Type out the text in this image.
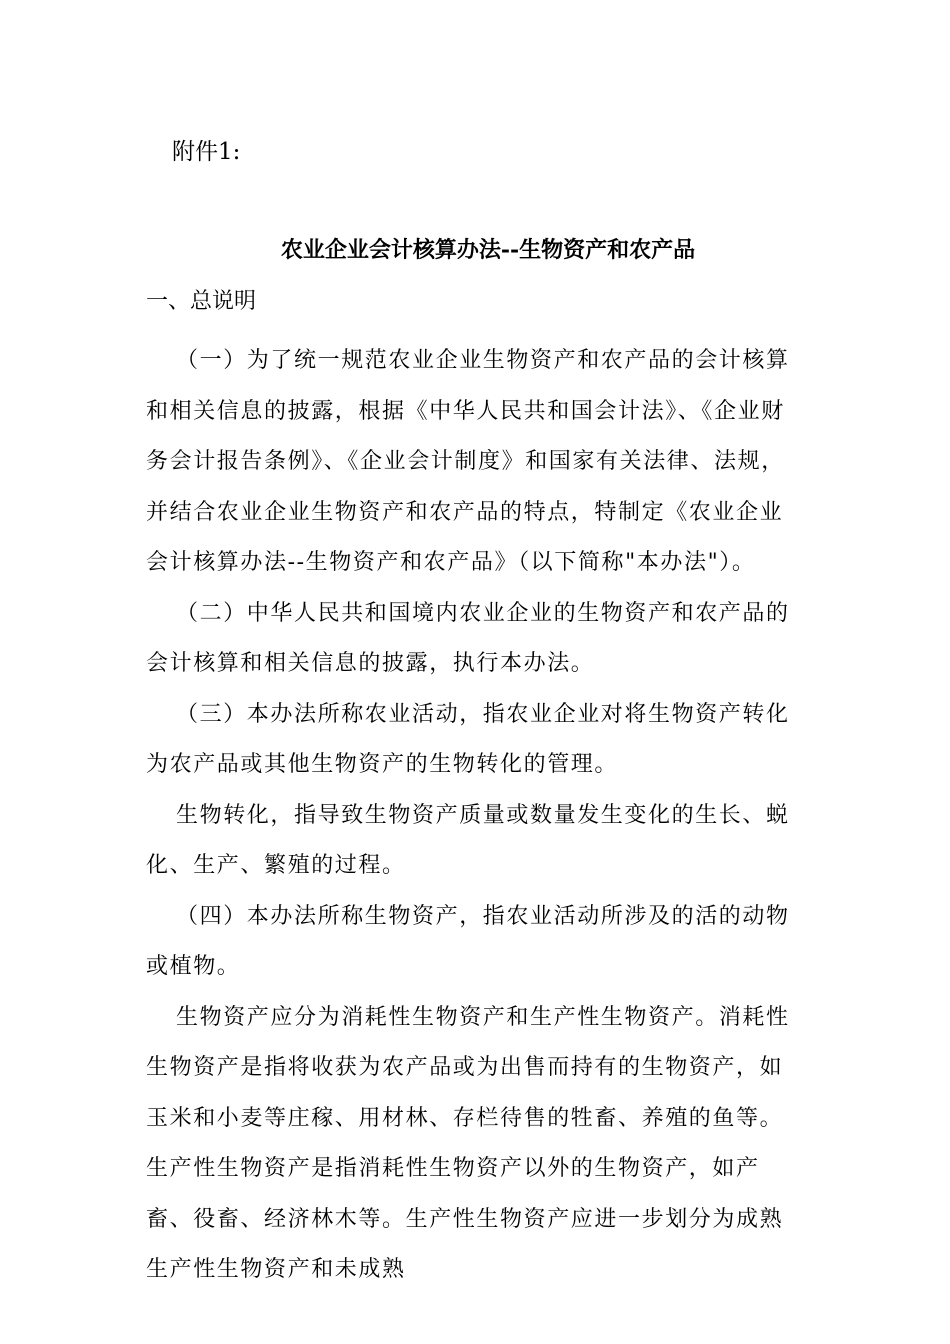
附件1:
农业企业会计核算办法--生物资产和农产品
一、总说明

（一）为了统一规范农业企业生物资产和农产品的会计核算和相关信息的披露，根据《中华人民共和国会计法》、《企业财务会计报告条例》、《企业会计制度》和国家有关法律、法规，并结合农业企业生物资产和农产品的特点，特制定《农业企业会计核算办法--生物资产和农产品》（以下简称"本办法"）。

（二）中华人民共和国境内农业企业的生物资产和农产品的会计核算和相关信息的披露，执行本办法。

（三）本办法所称农业活动，指农业企业对将生物资产转化为农产品或其他生物资产的生物转化的管理。

生物转化，指导致生物资产质量或数量发生变化的生长、蜕化、生产、繁殖的过程。

（四）本办法所称生物资产，指农业活动所涉及的活的动物或植物。

生物资产应分为消耗性生物资产和生产性生物资产。消耗性生物资产是指将收获为农产品或为出售而持有的生物资产，如玉米和小麦等庄稼、用材林、存栏待售的牲畜、养殖的鱼等。生产性生物资产是指消耗性生物资产以外的生物资产，如产畜、役畜、经济林木等。生产性生物资产应进一步划分为成熟生产性生物资产和未成熟
